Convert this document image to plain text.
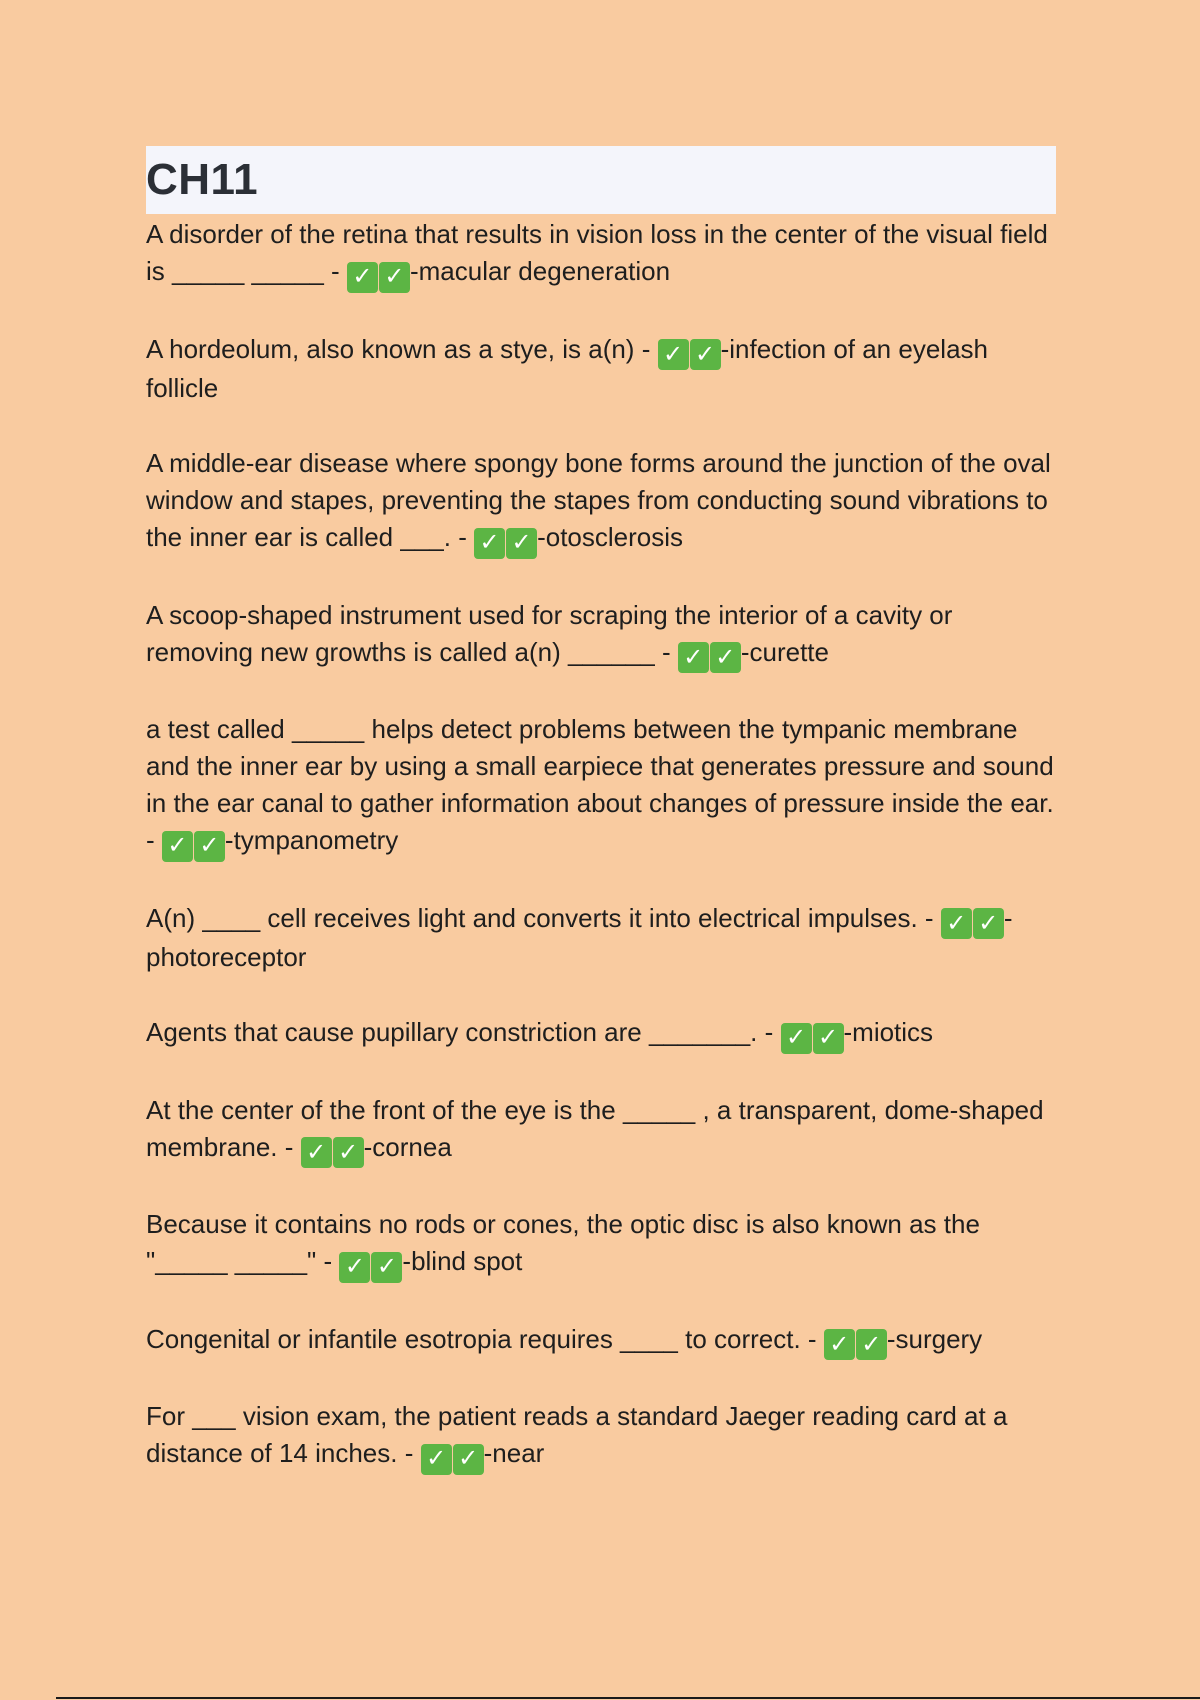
CH11

A disorder of the retina that results in vision loss in the center of the visual field is _____ _____ - ✓ ✓ -macular degeneration

A hordeolum, also known as a stye, is a(n) - ✓ ✓ -infection of an eyelash follicle

A middle-ear disease where spongy bone forms around the junction of the oval window and stapes, preventing the stapes from conducting sound vibrations to the inner ear is called ___. - ✓ ✓ -otosclerosis

A scoop-shaped instrument used for scraping the interior of a cavity or removing new growths is called a(n) ______ - ✓ ✓ -curette

a test called _____ helps detect problems between the tympanic membrane and the inner ear by using a small earpiece that generates pressure and sound in the ear canal to gather information about changes of pressure inside the ear. - ✓ ✓ -tympanometry

A(n) ____ cell receives light and converts it into electrical impulses. - ✓ ✓ -photoreceptor

Agents that cause pupillary constriction are _______. - ✓ ✓ -miotics

At the center of the front of the eye is the _____ , a transparent, dome-shaped membrane. - ✓ ✓ -cornea

Because it contains no rods or cones, the optic disc is also known as the "_____ _____" - ✓ ✓ -blind spot

Congenital or infantile esotropia requires ____ to correct. - ✓ ✓ -surgery

For ___ vision exam, the patient reads a standard Jaeger reading card at a distance of 14 inches. - ✓ ✓ -near
